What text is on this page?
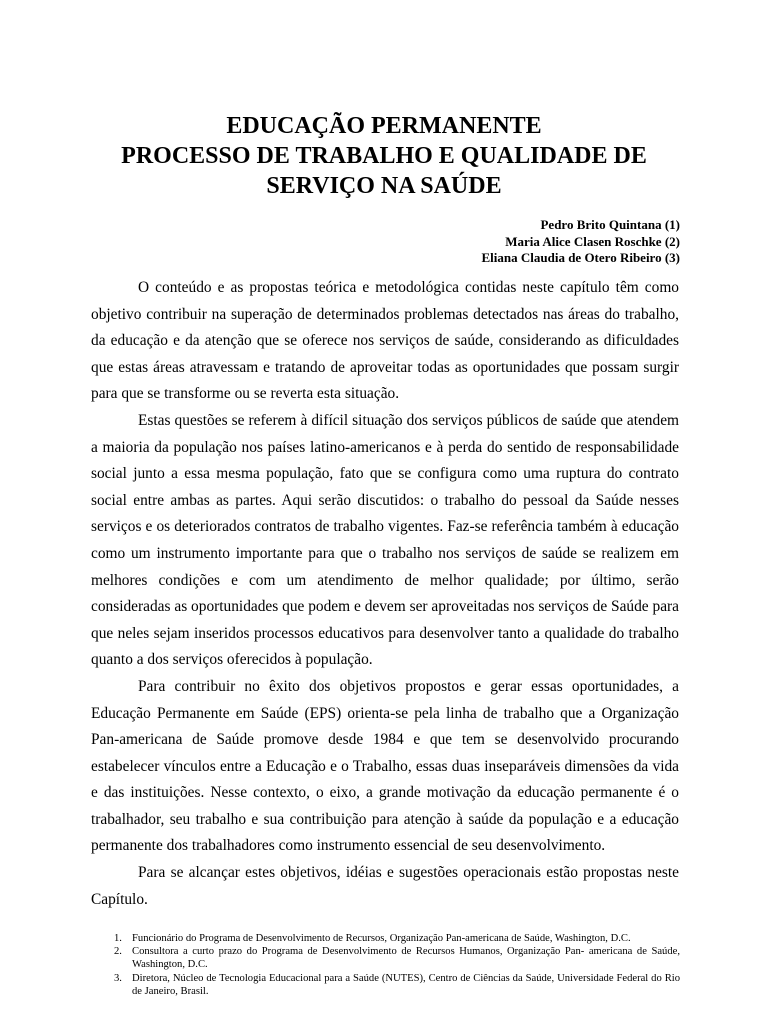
EDUCAÇÃO PERMANENTE
PROCESSO DE TRABALHO E QUALIDADE DE
SERVIÇO NA SAÚDE
Pedro Brito Quintana (1)
Maria Alice Clasen Roschke (2)
Eliana Claudia de Otero Ribeiro (3)

O conteúdo e as propostas teórica e metodológica contidas neste capítulo têm como objetivo contribuir na superação de determinados problemas detectados nas áreas do trabalho, da educação e da atenção que se oferece nos serviços de saúde, considerando as dificuldades que estas áreas atravessam e tratando de aproveitar todas as oportunidades que possam surgir para que se transforme ou se reverta esta situação.

Estas questões se referem à difícil situação dos serviços públicos de saúde que atendem a maioria da população nos países latino-americanos e à perda do sentido de responsabilidade social junto a essa mesma população, fato que se configura como uma ruptura do contrato social entre ambas as partes. Aqui serão discutidos: o trabalho do pessoal da Saúde nesses serviços e os deteriorados contratos de trabalho vigentes. Faz-se referência também à educação como um instrumento importante para que o trabalho nos serviços de saúde se realizem em melhores condições e com um atendimento de melhor qualidade; por último, serão consideradas as oportunidades que podem e devem ser aproveitadas nos serviços de Saúde para que neles sejam inseridos processos educativos para desenvolver tanto a qualidade do trabalho quanto a dos serviços oferecidos à população.

Para contribuir no êxito dos objetivos propostos e gerar essas oportunidades, a Educação Permanente em Saúde (EPS) orienta-se pela linha de trabalho que a Organização Pan-americana de Saúde promove desde 1984 e que tem se desenvolvido procurando estabelecer vínculos entre a Educação e o Trabalho, essas duas inseparáveis dimensões da vida e das instituições. Nesse contexto, o eixo, a grande motivação da educação permanente é o trabalhador, seu trabalho e sua contribuição para atenção à saúde da população e a educação permanente dos trabalhadores como instrumento essencial de seu desenvolvimento.

Para se alcançar estes objetivos, idéias e sugestões operacionais estão propostas neste Capítulo.

1. Funcionário do Programa de Desenvolvimento de Recursos, Organização Pan-americana de Saúde, Washington, D.C.
2. Consultora a curto prazo do Programa de Desenvolvimento de Recursos Humanos, Organização Pan- americana de Saúde, Washington, D.C.
3. Diretora, Núcleo de Tecnologia Educacional para a Saúde (NUTES), Centro de Ciências da Saúde, Universidade Federal do Rio de Janeiro, Brasil.
